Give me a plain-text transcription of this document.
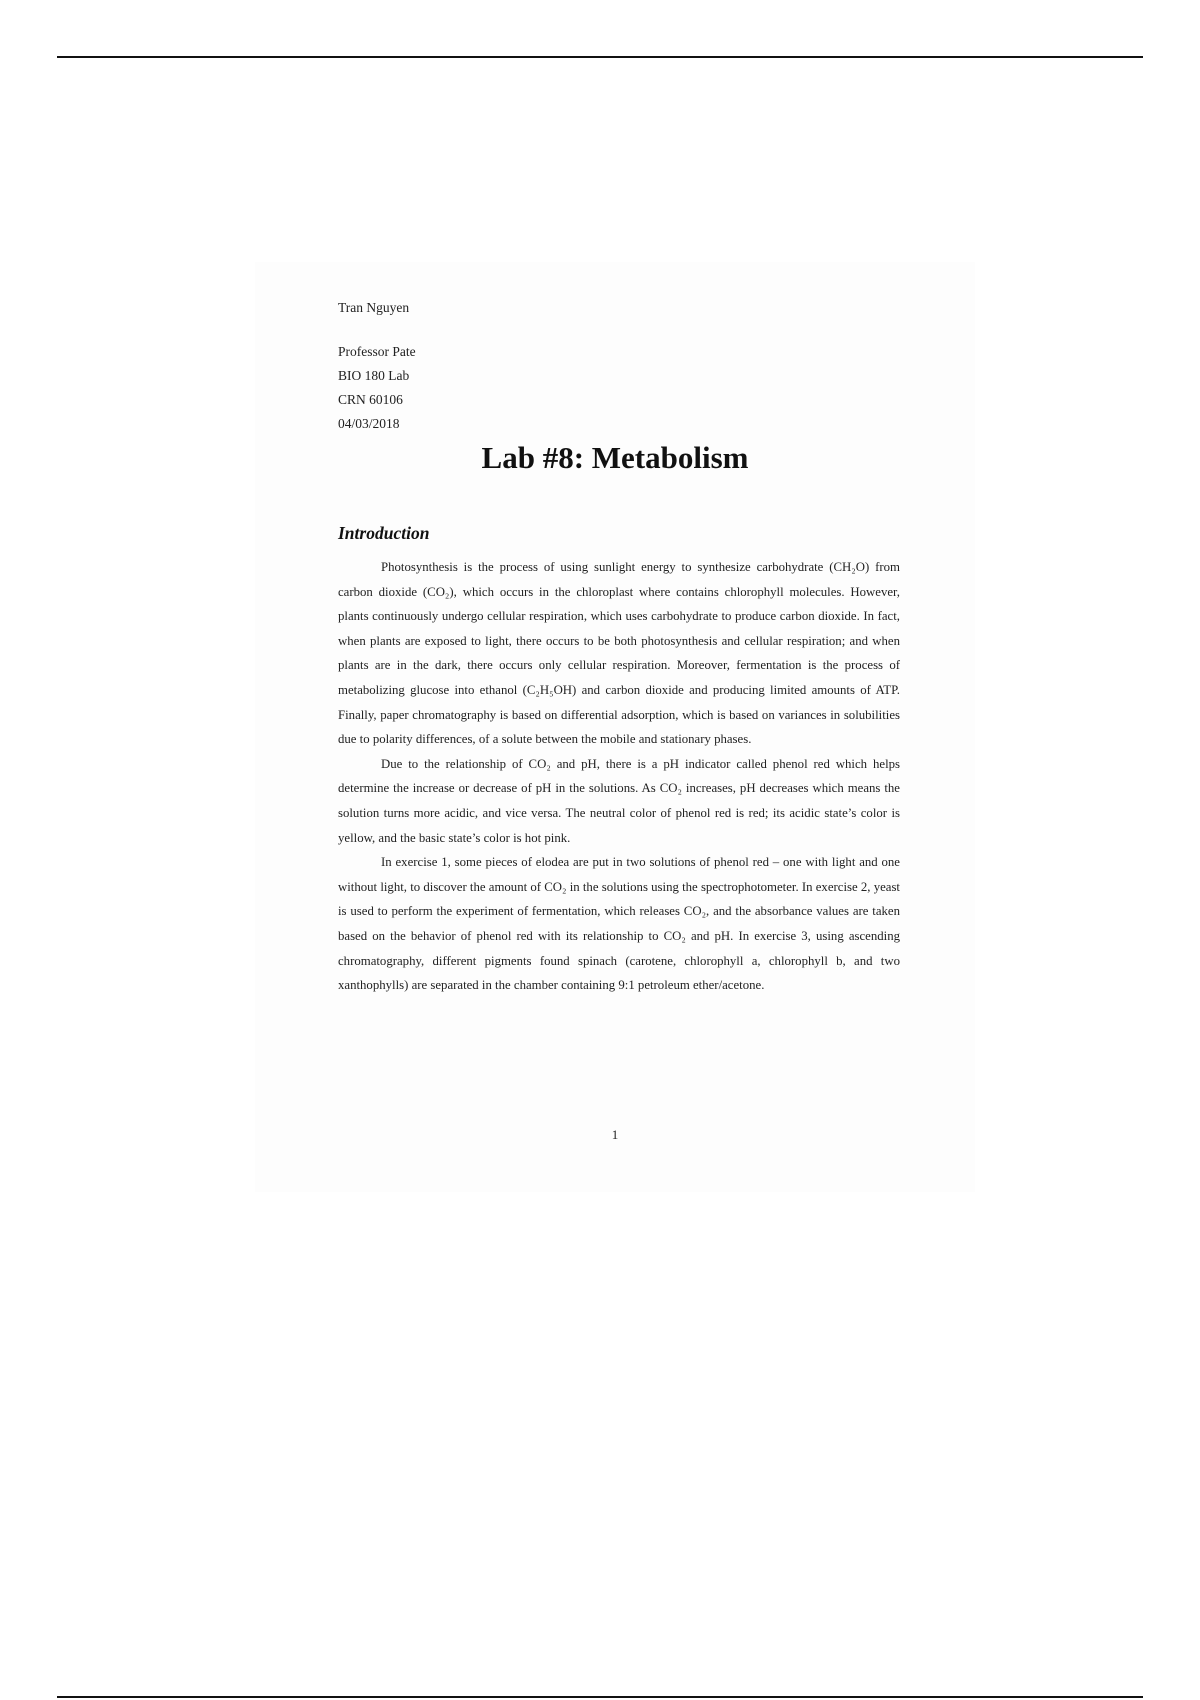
Tran Nguyen
Professor Pate
BIO 180 Lab
CRN 60106
04/03/2018
Lab #8: Metabolism
Introduction

Photosynthesis is the process of using sunlight energy to synthesize carbohydrate (CH₂O) from carbon dioxide (CO₂), which occurs in the chloroplast where contains chlorophyll molecules. However, plants continuously undergo cellular respiration, which uses carbohydrate to produce carbon dioxide. In fact, when plants are exposed to light, there occurs to be both photosynthesis and cellular respiration; and when plants are in the dark, there occurs only cellular respiration. Moreover, fermentation is the process of metabolizing glucose into ethanol (C₂H₅OH) and carbon dioxide and producing limited amounts of ATP. Finally, paper chromatography is based on differential adsorption, which is based on variances in solubilities due to polarity differences, of a solute between the mobile and stationary phases.

Due to the relationship of CO₂ and pH, there is a pH indicator called phenol red which helps determine the increase or decrease of pH in the solutions. As CO₂ increases, pH decreases which means the solution turns more acidic, and vice versa. The neutral color of phenol red is red; its acidic state’s color is yellow, and the basic state’s color is hot pink.

In exercise 1, some pieces of elodea are put in two solutions of phenol red – one with light and one without light, to discover the amount of CO₂ in the solutions using the spectrophotometer. In exercise 2, yeast is used to perform the experiment of fermentation, which releases CO₂, and the absorbance values are taken based on the behavior of phenol red with its relationship to CO₂ and pH. In exercise 3, using ascending chromatography, different pigments found spinach (carotene, chlorophyll a, chlorophyll b, and two xanthophylls) are separated in the chamber containing 9:1 petroleum ether/acetone.

1
